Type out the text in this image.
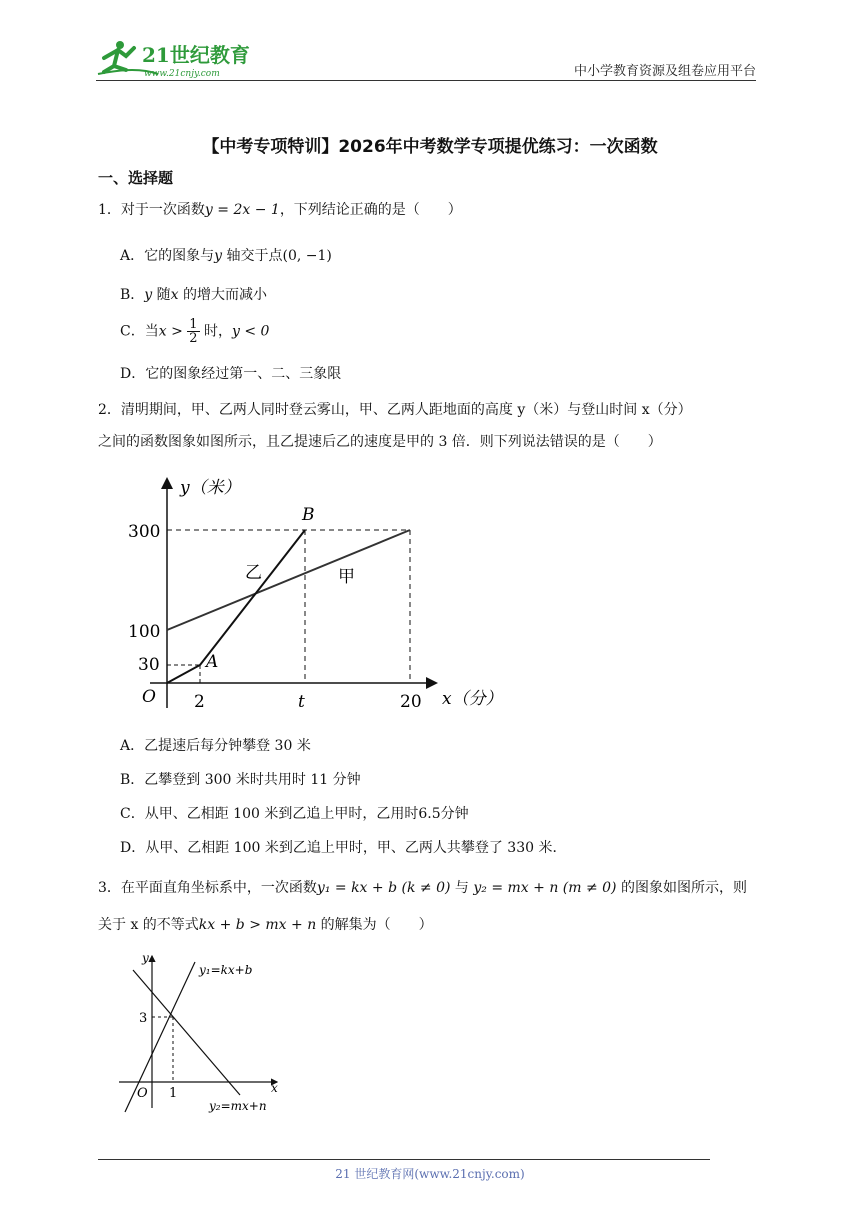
21世纪教育
www.21cnjy.com	中小学教育资源及组卷应用平台
【中考专项特训】2026年中考数学专项提优练习：一次函数
一、选择题
1．对于一次函数y = 2x − 1，下列结论正确的是（　　）
A．它的图象与y 轴交于点(0, −1)
B．y 随x 的增大而减小
C．当$x > \frac{1}{2}$ 时，y < 0
D．它的图象经过第一、二、三象限
2．清明期间，甲、乙两人同时登云雾山，甲、乙两人距地面的高度 y（米）与登山时间 x（分）
之间的函数图象如图所示，且乙提速后乙的速度是甲的 3 倍．则下列说法错误的是（　　）
y（米）
x（分）
O
300
100
30
2	t	20
A
B
乙	甲
A．乙提速后每分钟攀登 30 米
B．乙攀登到 300 米时共用时 11 分钟
C．从甲、乙相距 100 米到乙追上甲时，乙用时6.5分钟
D．从甲、乙相距 100 米到乙追上甲时，甲、乙两人共攀登了 330 米．
3．在平面直角坐标系中，一次函数y₁ = kx + b (k ≠ 0) 与 y₂ = mx + n (m ≠ 0) 的图象如图所示，则
关于 x 的不等式kx + b > mx + n 的解集为（　　）
y
x
O
3
1
y₁=kx+b
y₂=mx+n
21 世纪教育网(www.21cnjy.com)
